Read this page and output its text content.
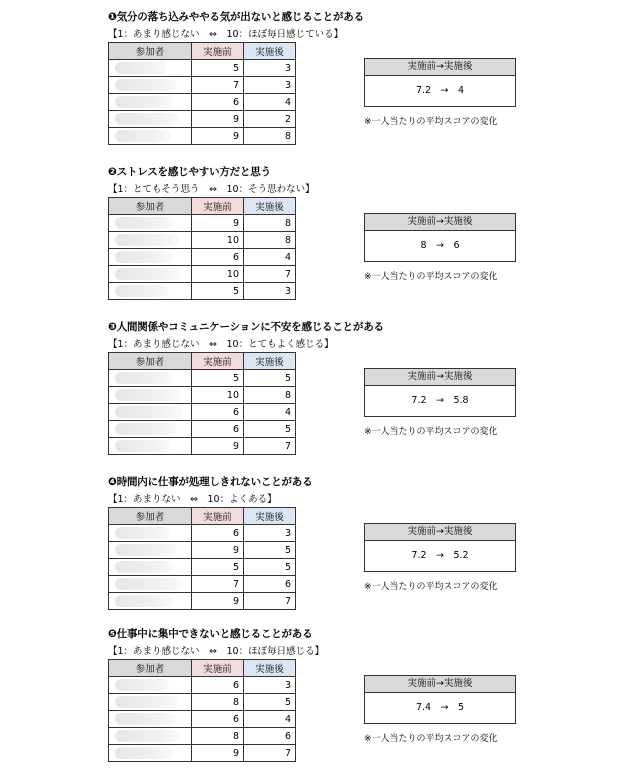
❶気分の落ち込みややる気が出ないと感じることがある
【1：あまり感じない　⇔　10：ほぼ毎日感じている】
参加者	実施前	実施後

	5	3

	7	3

	6	4

	9	2

	9	8
実施前→実施後
7.2　→　4
※一人当たりの平均スコアの変化
❷ストレスを感じやすい方だと思う
【1：とてもそう思う　⇔　10：そう思わない】
参加者	実施前	実施後

	9	8

	10	8

	6	4

	10	7

	5	3
実施前→実施後
8　→　6
※一人当たりの平均スコアの変化
❸人間関係やコミュニケーションに不安を感じることがある
【1：あまり感じない　⇔　10：とてもよく感じる】
参加者	実施前	実施後

	5	5

	10	8

	6	4

	6	5

	9	7
実施前→実施後
7.2　→　5.8
※一人当たりの平均スコアの変化
❹時間内に仕事が処理しきれないことがある
【1：あまりない　⇔　10：よくある】
参加者	実施前	実施後

	6	3

	9	5

	5	5

	7	6

	9	7
実施前→実施後
7.2　→　5.2
※一人当たりの平均スコアの変化
❺仕事中に集中できないと感じることがある
【1：あまり感じない　⇔　10：ほぼ毎日感じる】
参加者	実施前	実施後

	6	3

	8	5

	6	4

	8	6

	9	7
実施前→実施後
7.4　→　5
※一人当たりの平均スコアの変化
